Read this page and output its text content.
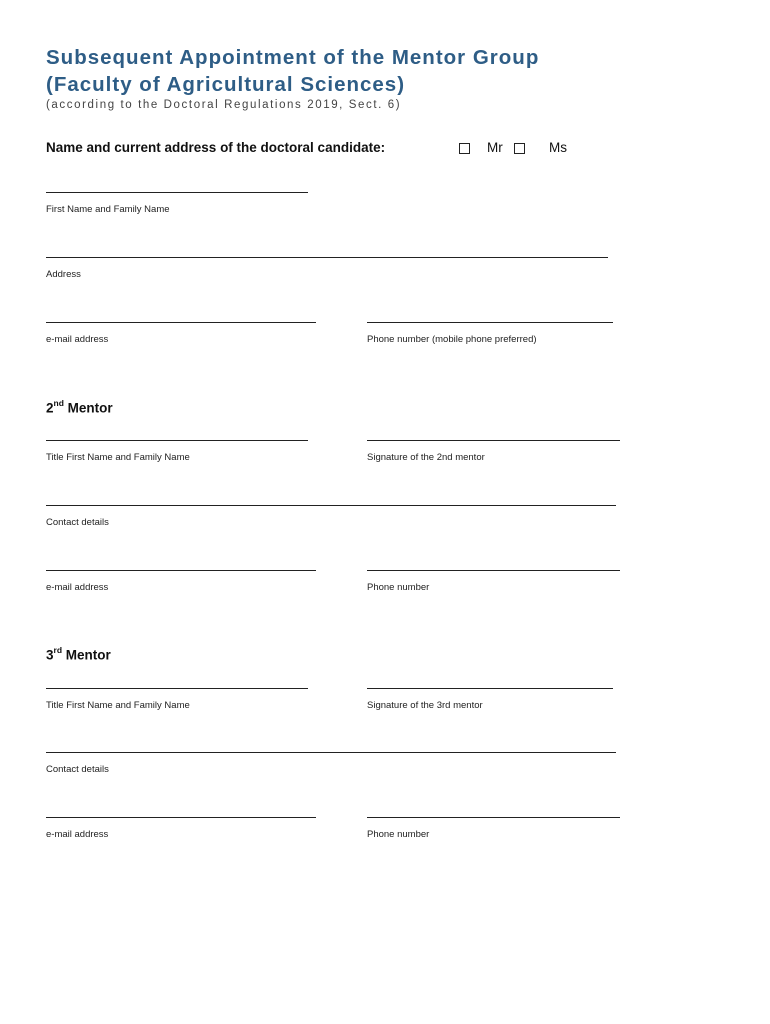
Subsequent Appointment of the Mentor Group
(Faculty of Agricultural Sciences)

(according to the Doctoral Regulations 2019, Sect. 6)

Name and current address of the doctoral candidate:	Mr	Ms
First Name and Family Name
Address
e-mail address	Phone number (mobile phone preferred)
2nd Mentor
Title First Name and Family Name	Signature of the 2nd mentor
Contact details
e-mail address	Phone number
3rd Mentor
Title First Name and Family Name	Signature of the 3rd mentor
Contact details
e-mail address	Phone number
